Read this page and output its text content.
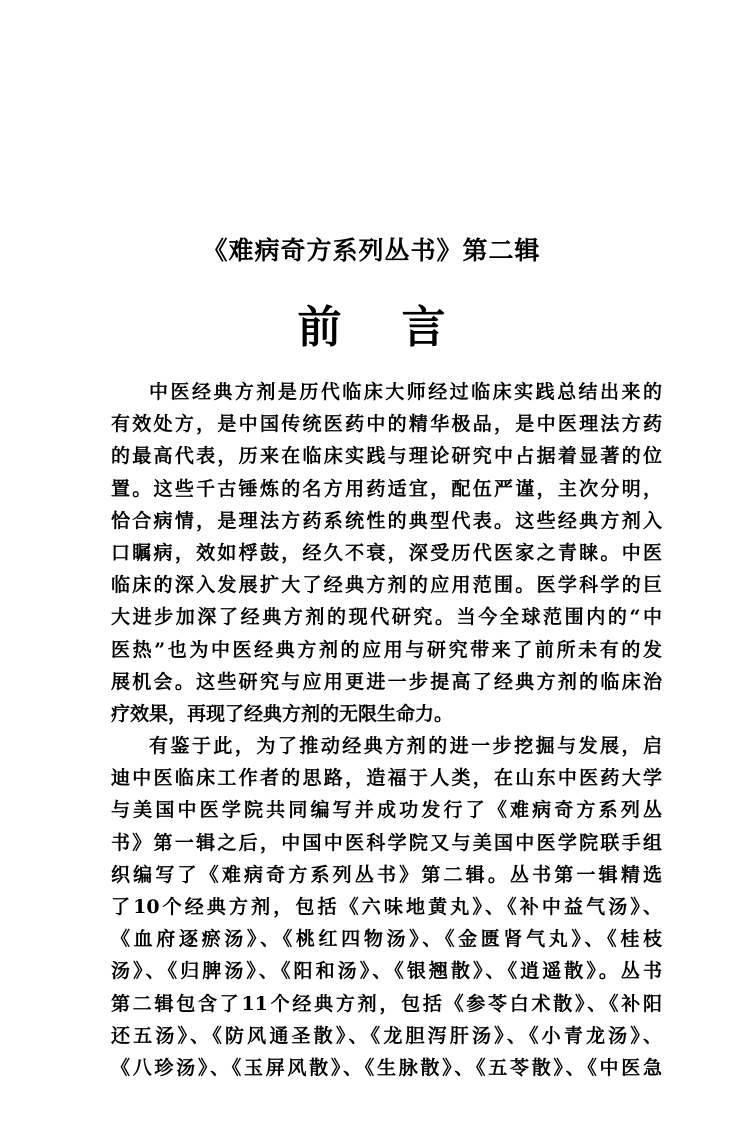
《难病奇方系列丛书》第二辑
前 言
中医经典方剂是历代临床大师经过临床实践总结出来的
有效处方，是中国传统医药中的精华极品，是中医理法方药
的最高代表，历来在临床实践与理论研究中占据着显著的位
置。这些千古锤炼的名方用药适宜，配伍严谨，主次分明，
恰合病情，是理法方药系统性的典型代表。这些经典方剂入
口瞩病，效如桴鼓，经久不衰，深受历代医家之青睐。中医
临床的深入发展扩大了经典方剂的应用范围。医学科学的巨
大进步加深了经典方剂的现代研究。当今全球范围内的“中
医热”也为中医经典方剂的应用与研究带来了前所未有的发
展机会。这些研究与应用更进一步提高了经典方剂的临床治
疗效果，再现了经典方剂的无限生命力。
有鉴于此，为了推动经典方剂的进一步挖掘与发展，启
迪中医临床工作者的思路，造福于人类，在山东中医药大学
与美国中医学院共同编写并成功发行了《难病奇方系列丛
书》第一辑之后，中国中医科学院又与美国中医学院联手组
织编写了《难病奇方系列丛书》第二辑。丛书第一辑精选
了10个经典方剂，包括《六味地黄丸》、《补中益气汤》、
《血府逐瘀汤》、《桃红四物汤》、《金匮肾气丸》、《桂枝
汤》、《归脾汤》、《阳和汤》、《银翘散》、《逍遥散》。丛书
第二辑包含了11个经典方剂，包括《参苓白术散》、《补阳
还五汤》、《防风通圣散》、《龙胆泻肝汤》、《小青龙汤》、
《八珍汤》、《玉屏风散》、《生脉散》、《五苓散》、《中医急
